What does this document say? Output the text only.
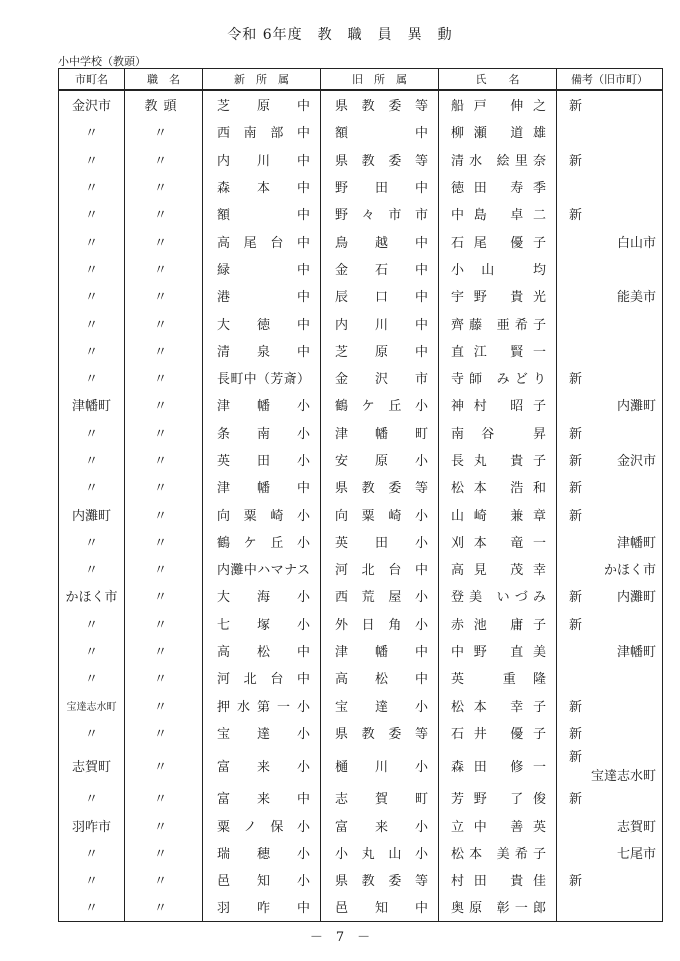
令和 6年度　教　職　員　異　動
小中学校（教頭）
市町名	職　名	新　所　属	旧　所　属	氏　　名	備考（旧市町）
金沢市	教頭	芝原中	県教委等	船戸 伸之	新

〃	〃	西南部中	額中	柳瀬 道雄	

〃	〃	内川中	県教委等	清水 絵里奈	新

〃	〃	森本中	野田中	徳田 寿季	

〃	〃	額中	野々市市	中島 卓二	新

〃	〃	高尾台中	鳥越中	石尾 優子	白山市

〃	〃	緑中	金石中	小山 均	

〃	〃	港中	辰口中	宇野 貴光	能美市

〃	〃	大徳中	内川中	齊藤 亜希子	

〃	〃	清泉中	芝原中	直江 賢一	

〃	〃	長町中（芳斎）	金沢市	寺師 みどり	新

津幡町	〃	津幡小	鶴ケ丘小	神村 昭子	内灘町

〃	〃	条南小	津幡町	南谷 昇	新

〃	〃	英田小	安原小	長丸 貴子	新 金沢市

〃	〃	津幡中	県教委等	松本 浩和	新

内灘町	〃	向粟崎小	向粟崎小	山崎 兼章	新

〃	〃	鶴ケ丘小	英田小	刈本 竜一	津幡町

〃	〃	内灘中ハマナス	河北台中	高見 茂幸	かほく市

かほく市	〃	大海小	西荒屋小	登美 いづみ	新 内灘町

〃	〃	七塚小	外日角小	赤池 庸子	新

〃	〃	高松中	津幡中	中野 直美	津幡町

〃	〃	河北台中	高松中	英 重隆	

宝達志水町	〃	押水第一小	宝達小	松本 幸子	新

〃	〃	宝達小	県教委等	石井 優子	新

志賀町	〃	富来小	樋川小	森田 修一	新
宝達志水町

〃	〃	富来中	志賀町	芳野 了俊	新

羽咋市	〃	粟ノ保小	富来小	立中 善英	志賀町

〃	〃	瑞穂小	小丸山小	松本 美希子	七尾市

〃	〃	邑知小	県教委等	村田 貴佳	新

〃	〃	羽咋中	邑知中	奥原 彰一郎	
－　7　－
